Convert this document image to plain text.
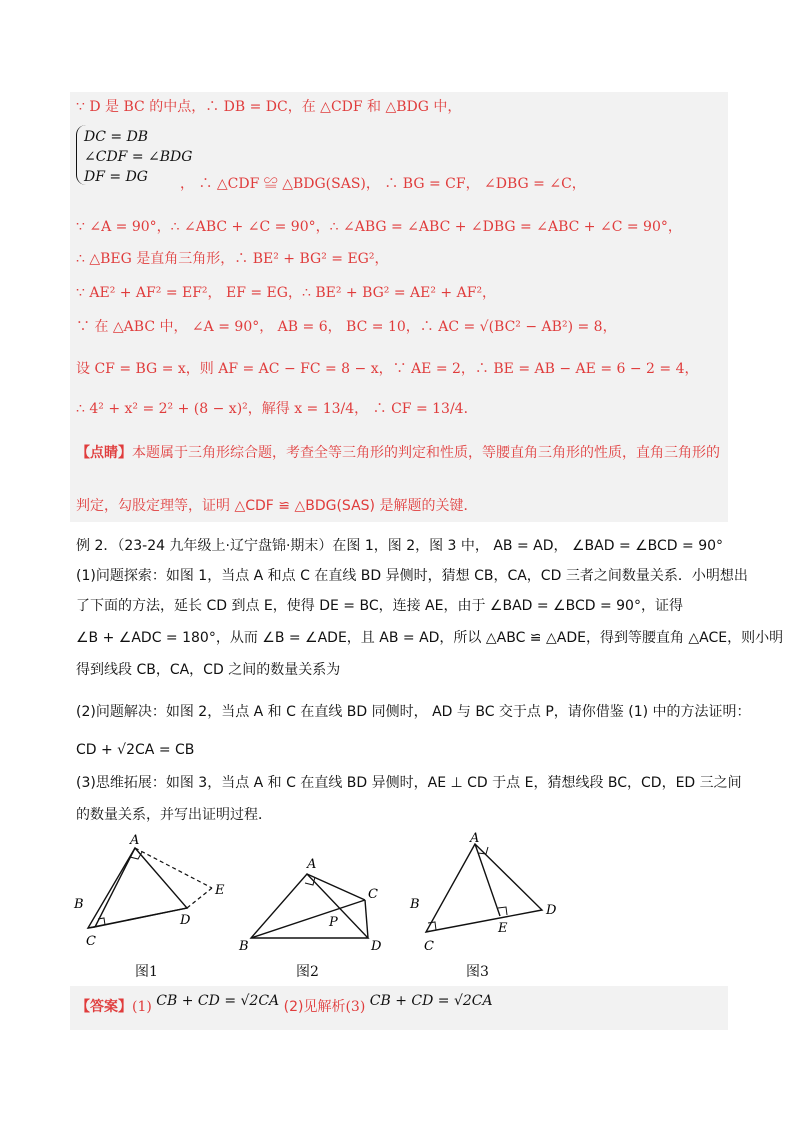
∵ D 是 BC 的中点，∴ DB = DC，在 △CDF 和 △BDG 中，
DC = DB
∠CDF = ∠BDG
DF = DG ， ∴ △CDF ≌ △BDG(SAS)， ∴ BG = CF， ∠DBG = ∠C，
∵ ∠A = 90°，∴ ∠ABC + ∠C = 90°，∴ ∠ABG = ∠ABC + ∠DBG = ∠ABC + ∠C = 90°，
∴ △BEG 是直角三角形，∴ BE² + BG² = EG²，
∵ AE² + AF² = EF²， EF = EG，∴ BE² + BG² = AE² + AF²，
∵ 在 △ABC 中， ∠A = 90°， AB = 6， BC = 10，∴ AC = √(BC² − AB²) = 8，
设 CF = BG = x，则 AF = AC − FC = 8 − x，∵ AE = 2，∴ BE = AB − AE = 6 − 2 = 4，
∴ 4² + x² = 2² + (8 − x)²，解得 x = 13/4， ∴ CF = 13/4．
【点睛】本题属于三角形综合题，考查全等三角形的判定和性质，等腰直角三角形的性质，直角三角形的
判定，勾股定理等，证明 △CDF ≌ △BDG(SAS) 是解题的关键．
例 2．（23-24 九年级上·辽宁盘锦·期末）在图 1，图 2，图 3 中， AB = AD， ∠BAD = ∠BCD = 90°
(1)问题探索：如图 1，当点 A 和点 C 在直线 BD 异侧时，猜想 CB，CA，CD 三者之间数量关系．小明想出
了下面的方法，延长 CD 到点 E，使得 DE = BC，连接 AE，由于 ∠BAD = ∠BCD = 90°，证得
∠B + ∠ADC = 180°，从而 ∠B = ∠ADE，且 AB = AD，所以 △ABC ≌ △ADE，得到等腰直角 △ACE，则小明
得到线段 CB，CA，CD 之间的数量关系为
(2)问题解决：如图 2，当点 A 和 C 在直线 BD 同侧时， AD 与 BC 交于点 P，请你借鉴 (1) 中的方法证明：
CD + √2CA = CB
(3)思维拓展：如图 3，当点 A 和 C 在直线 BD 异侧时，AE ⊥ CD 于点 E，猜想线段 BC，CD，ED 三之间
的数量关系，并写出证明过程．
A
B
C
D
E
图1
A
B
C
D
P
图2
A
B
C
D
E
图3
【答案】(1) CB + CD = √2CA (2)见解析(3) CB + CD = √2CA
